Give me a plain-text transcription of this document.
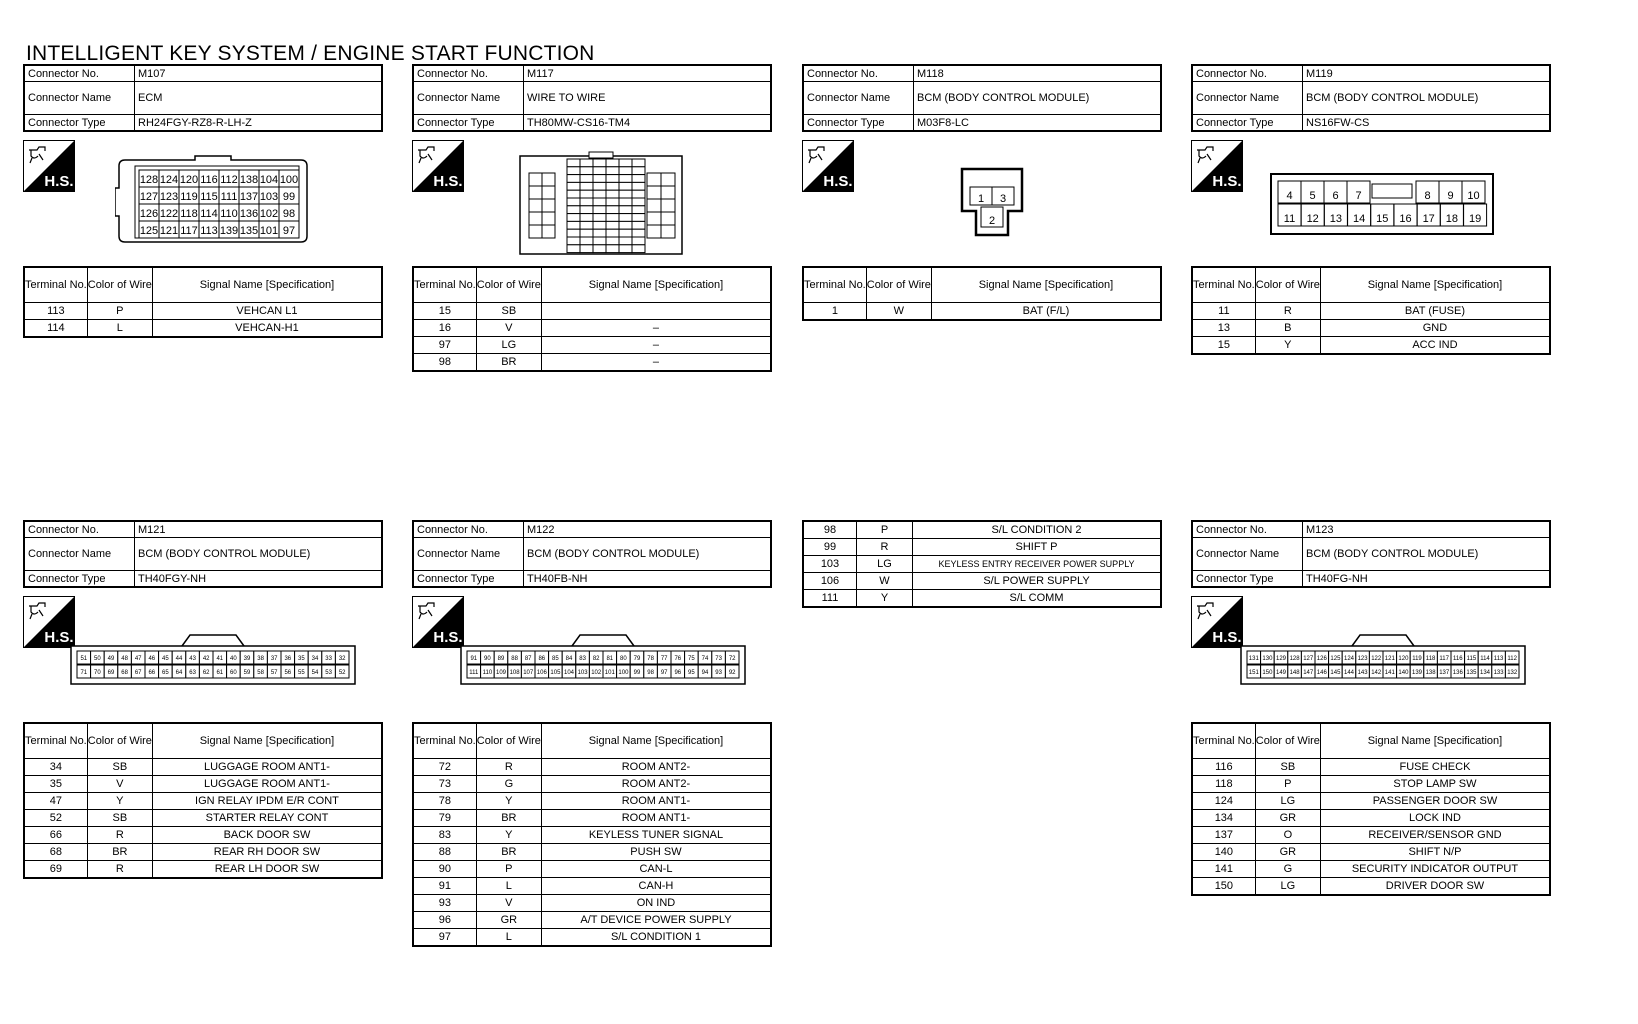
INTELLIGENT KEY SYSTEM / ENGINE START FUNCTION
Connector No.	M107
Connector Name	ECM
Connector Type	RH24FGY-RZ8-R-LH-Z
Connector No.	M117
Connector Name	WIRE TO WIRE
Connector Type	TH80MW-CS16-TM4
Connector No.	M118
Connector Name	BCM (BODY CONTROL MODULE)
Connector Type	M03F8-LC
Connector No.	M119
Connector Name	BCM (BODY CONTROL MODULE)
Connector Type	NS16FW-CS
Connector No.	M121
Connector Name	BCM (BODY CONTROL MODULE)
Connector Type	TH40FGY-NH
Connector No.	M122
Connector Name	BCM (BODY CONTROL MODULE)
Connector Type	TH40FB-NH
Connector No.	M123
Connector Name	BCM (BODY CONTROL MODULE)
Connector Type	TH40FG-NH
H.S.	H.S.	H.S.	H.S.
H.S.	H.S.	H.S.
128 124 120 116 112 138 104 100
127 123 119 115 111 137 103 99
126 122 118 114 110 136 102 98
125 121 117 113 139 135 101 97
1 3
2
4 5 6 7	8 9 10
11 12 13 14 15 16 17 18 19
51 50 49 48 47 46 45 44 43 42 41 40 39 38 37 36 35 34 33 32
71 70 69 68 67 66 65 64 63 62 61 60 59 58 57 56 55 54 53 52
91 90 89 88 87 86 85 84 83 82 81 80 79 78 77 76 75 74 73 72
111 110 109 108 107 106 105 104 103 102 101 100 99 98 97 96 95 94 93 92
131 130 129 128 127 126 125 124 123 122 121 120 119 118 117 116 115 114 113 112
151 150 149 148 147 146 145 144 143 142 141 140 139 138 137 136 135 134 133 132
Terminal No.	Color of Wire	Signal Name [Specification]
113	P	VEHCAN L1
114	L	VEHCAN-H1
Terminal No.	Color of Wire	Signal Name [Specification]
15	SB	
16	V	–
97	LG	–
98	BR	–
Terminal No.	Color of Wire	Signal Name [Specification]
1	W	BAT (F/L)
Terminal No.	Color of Wire	Signal Name [Specification]
11	R	BAT (FUSE)
13	B	GND
15	Y	ACC IND
Terminal No.	Color of Wire	Signal Name [Specification]
34	SB	LUGGAGE ROOM ANT1-
35	V	LUGGAGE ROOM ANT1-
47	Y	IGN RELAY IPDM E/R CONT
52	SB	STARTER RELAY CONT
66	R	BACK DOOR SW
68	BR	REAR RH DOOR SW
69	R	REAR LH DOOR SW
Terminal No.	Color of Wire	Signal Name [Specification]
72	R	ROOM ANT2-
73	G	ROOM ANT2-
78	Y	ROOM ANT1-
79	BR	ROOM ANT1-
83	Y	KEYLESS TUNER SIGNAL
88	BR	PUSH SW
90	P	CAN-L
91	L	CAN-H
93	V	ON IND
96	GR	A/T DEVICE POWER SUPPLY
97	L	S/L CONDITION 1
98	P	S/L CONDITION 2
99	R	SHIFT P
103	LG	KEYLESS ENTRY RECEIVER POWER SUPPLY
106	W	S/L POWER SUPPLY
111	Y	S/L COMM
Terminal No.	Color of Wire	Signal Name [Specification]
116	SB	FUSE CHECK
118	P	STOP LAMP SW
124	LG	PASSENGER DOOR SW
134	GR	LOCK IND
137	O	RECEIVER/SENSOR GND
140	GR	SHIFT N/P
141	G	SECURITY INDICATOR OUTPUT
150	LG	DRIVER DOOR SW
